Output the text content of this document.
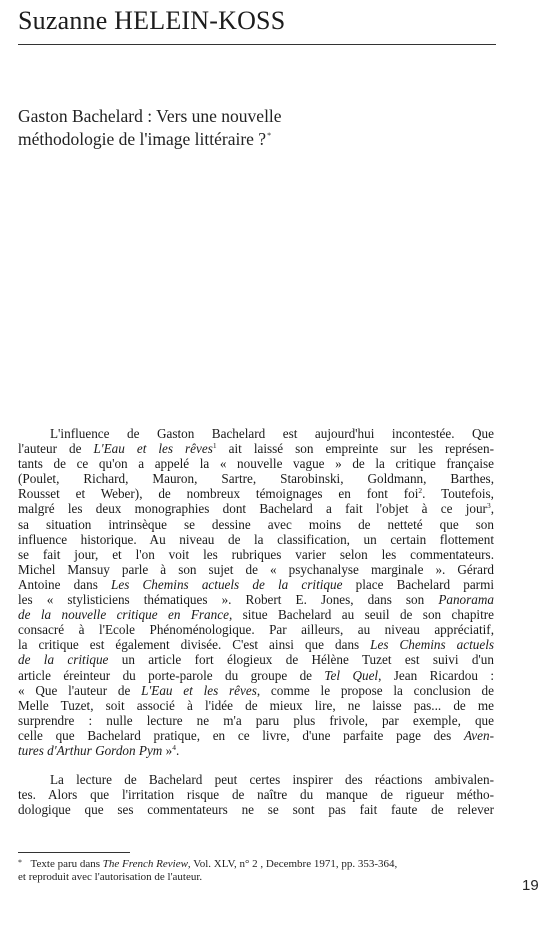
Suzanne HELEIN-KOSS
Gaston Bachelard : Vers une nouvelle
méthodologie de l'image littéraire ?*
L'influence de Gaston Bachelard est aujourd'hui incontestée. Que
l'auteur de L'Eau et les rêves$^1$ ait laissé son empreinte sur les représen-
tants de ce qu'on a appelé la « nouvelle vague » de la critique française
(Poulet, Richard, Mauron, Sartre, Starobinski, Goldmann, Barthes,
Rousset et Weber), de nombreux témoignages en font foi$^2$. Toutefois,
malgré les deux monographies dont Bachelard a fait l'objet à ce jour$^3$,
sa situation intrinsèque se dessine avec moins de netteté que son
influence historique. Au niveau de la classification, un certain flottement
se fait jour, et l'on voit les rubriques varier selon les commentateurs.
Michel Mansuy parle à son sujet de « psychanalyse marginale ». Gérard
Antoine dans Les Chemins actuels de la critique place Bachelard parmi
les « stylisticiens thématiques ». Robert E. Jones, dans son Panorama
de la nouvelle critique en France, situe Bachelard au seuil de son chapitre
consacré à l'Ecole Phénoménologique. Par ailleurs, au niveau appréciatif,
la critique est également divisée. C'est ainsi que dans Les Chemins actuels
de la critique un article fort élogieux de Hélène Tuzet est suivi d'un
article éreinteur du porte-parole du groupe de Tel Quel, Jean Ricardou :
« Que l'auteur de L'Eau et les rêves, comme le propose la conclusion de
Melle Tuzet, soit associé à l'idée de mieux lire, ne laisse pas... de me
surprendre : nulle lecture ne m'a paru plus frivole, par exemple, que
celle que Bachelard pratique, en ce livre, d'une parfaite page des Aven-
tures d'Arthur Gordon Pym »$^4$.
La lecture de Bachelard peut certes inspirer des réactions ambivalen-
tes. Alors que l'irritation risque de naître du manque de rigueur métho-
dologique que ses commentateurs ne se sont pas fait faute de relever
* Texte paru dans The French Review, Vol. XLV, n° 2 , Decembre 1971, pp. 353-364,
et reproduit avec l'autorisation de l'auteur.
19
